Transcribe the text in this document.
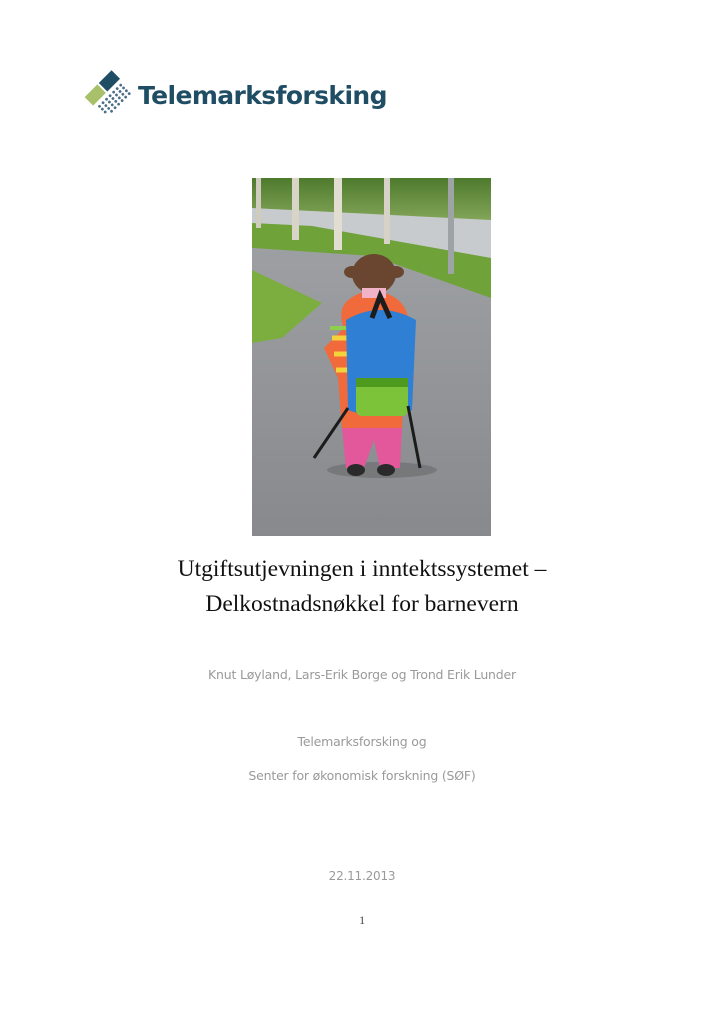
Telemarksforsking
Utgiftsutjevningen i inntektssystemet –
Delkostnadsnøkkel for barnevern
Knut Løyland, Lars-Erik Borge og Trond Erik Lunder
Telemarksforsking og
Senter for økonomisk forskning (SØF)
22.11.2013
1
